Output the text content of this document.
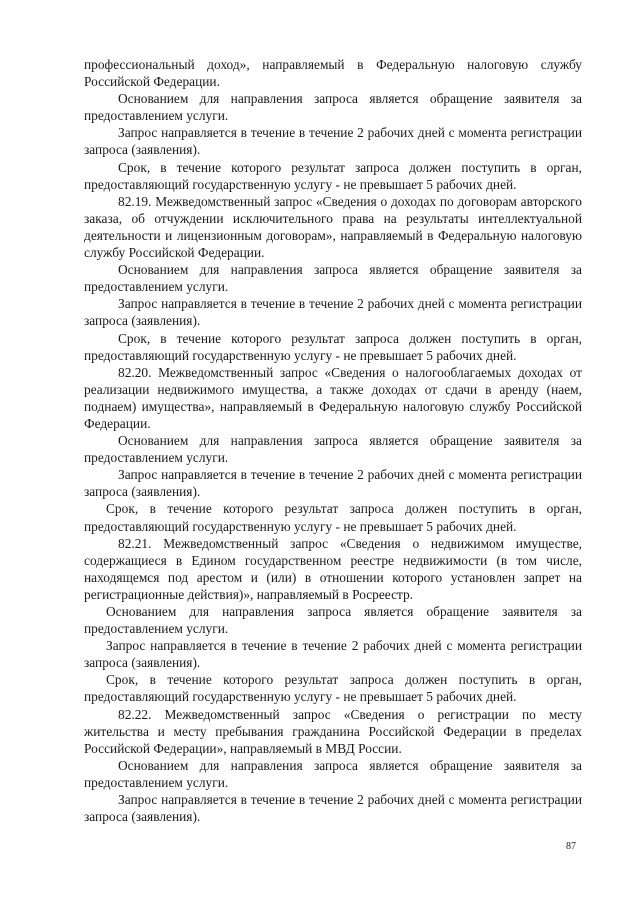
профессиональный доход», направляемый в Федеральную налоговую службу Российской Федерации.

Основанием для направления запроса является обращение заявителя за предоставлением услуги.

Запрос направляется в течение в течение 2 рабочих дней с момента регистрации запроса (заявления).

Срок, в течение которого результат запроса должен поступить в орган, предоставляющий государственную услугу - не превышает 5 рабочих дней.

82.19. Межведомственный запрос «Сведения о доходах по договорам авторского заказа, об отчуждении исключительного права на результаты интеллектуальной деятельности и лицензионным договорам», направляемый в Федеральную налоговую службу Российской Федерации.

Основанием для направления запроса является обращение заявителя за предоставлением услуги.

Запрос направляется в течение в течение 2 рабочих дней с момента регистрации запроса (заявления).

Срок, в течение которого результат запроса должен поступить в орган, предоставляющий государственную услугу - не превышает 5 рабочих дней.

82.20. Межведомственный запрос «Сведения о налогооблагаемых доходах от реализации недвижимого имущества, а также доходах от сдачи в аренду (наем, поднаем) имущества», направляемый в Федеральную налоговую службу Российской Федерации.

Основанием для направления запроса является обращение заявителя за предоставлением услуги.

Запрос направляется в течение в течение 2 рабочих дней с момента регистрации запроса (заявления).

Срок, в течение которого результат запроса должен поступить в орган, предоставляющий государственную услугу - не превышает 5 рабочих дней.

82.21. Межведомственный запрос «Сведения о недвижимом имуществе, содержащиеся в Едином государственном реестре недвижимости (в том числе, находящемся под арестом и (или) в отношении которого установлен запрет на регистрационные действия)», направляемый в Росреестр.

Основанием для направления запроса является обращение заявителя за предоставлением услуги.

Запрос направляется в течение в течение 2 рабочих дней с момента регистрации запроса (заявления).

Срок, в течение которого результат запроса должен поступить в орган, предоставляющий государственную услугу - не превышает 5 рабочих дней.

82.22. Межведомственный запрос «Сведения о регистрации по месту жительства и месту пребывания гражданина Российской Федерации в пределах Российской Федерации», направляемый в МВД России.

Основанием для направления запроса является обращение заявителя за предоставлением услуги.

Запрос направляется в течение в течение 2 рабочих дней с момента регистрации запроса (заявления).

87
